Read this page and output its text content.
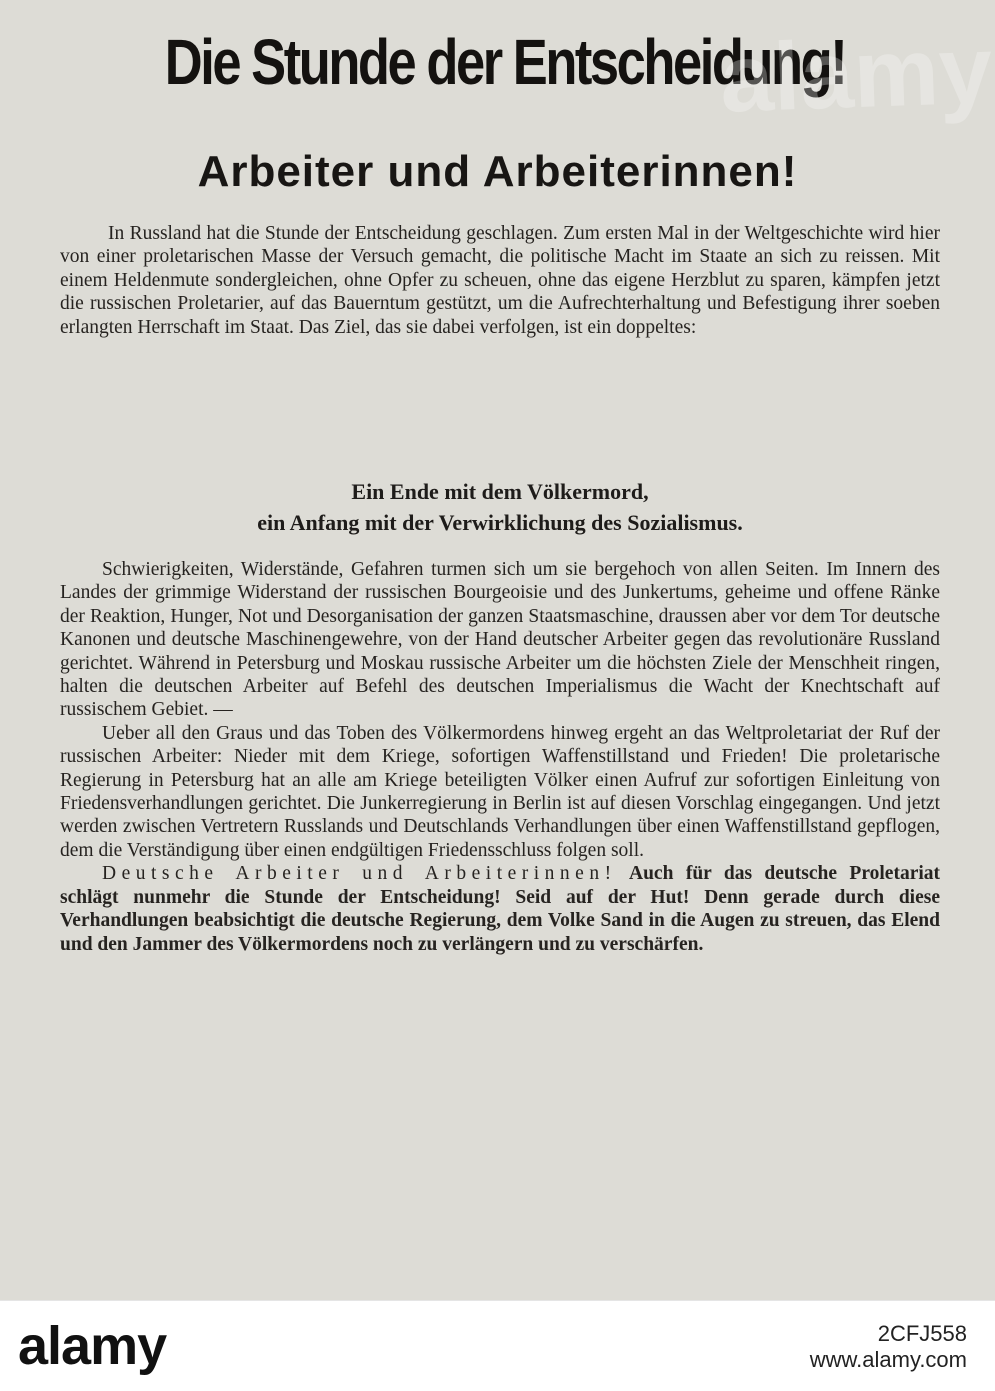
Die Stunde der Entscheidung!
Arbeiter und Arbeiterinnen!

In Russland hat die Stunde der Entscheidung geschlagen. Zum ersten Mal in der Weltgeschichte wird hier von einer proletarischen Masse der Versuch gemacht, die politische Macht im Staate an sich zu reissen. Mit einem Heldenmute sondergleichen, ohne Opfer zu scheuen, ohne das eigene Herzblut zu sparen, kämpfen jetzt die russischen Proletarier, auf das Bauerntum gestützt, um die Aufrechterhaltung und Befestigung ihrer soeben erlangten Herrschaft im Staat. Das Ziel, das sie dabei verfolgen, ist ein doppeltes:

Ein Ende mit dem Völkermord,
ein Anfang mit der Verwirklichung des Sozialismus.

Schwierigkeiten, Widerstände, Gefahren turmen sich um sie bergehoch von allen Seiten. Im Innern des Landes der grimmige Widerstand der russischen Bourgeoisie und des Junkertums, geheime und offene Ränke der Reaktion, Hunger, Not und Desorganisation der ganzen Staatsmaschine, draussen aber vor dem Tor deutsche Kanonen und deutsche Maschinengewehre, von der Hand deutscher Arbeiter gegen das revolutionäre Russland gerichtet. Während in Petersburg und Moskau russische Arbeiter um die höchsten Ziele der Menschheit ringen, halten die deutschen Arbeiter auf Befehl des deutschen Imperialismus die Wacht der Knechtschaft auf russischem Gebiet. —

Ueber all den Graus und das Toben des Völkermordens hinweg ergeht an das Weltproletariat der Ruf der russischen Arbeiter: Nieder mit dem Kriege, sofortigen Waffenstillstand und Frieden! Die proletarische Regierung in Petersburg hat an alle am Kriege beteiligten Völker einen Aufruf zur sofortigen Einleitung von Friedensverhandlungen gerichtet. Die Junkerregierung in Berlin ist auf diesen Vorschlag eingegangen. Und jetzt werden zwischen Vertretern Russlands und Deutschlands Verhandlungen über einen Waffenstillstand gepflogen, dem die Verständigung über einen endgültigen Friedensschluss folgen soll.

Deutsche Arbeiter und Arbeiterinnen! Auch für das deutsche Proletariat schlägt nunmehr die Stunde der Entscheidung! Seid auf der Hut! Denn gerade durch diese Verhandlungen beabsichtigt die deutsche Regierung, dem Volke Sand in die Augen zu streuen, das Elend und den Jammer des Völkermordens noch zu verlängern und zu verschärfen.

alamy
alamy	2CFJ558
www.alamy.com
